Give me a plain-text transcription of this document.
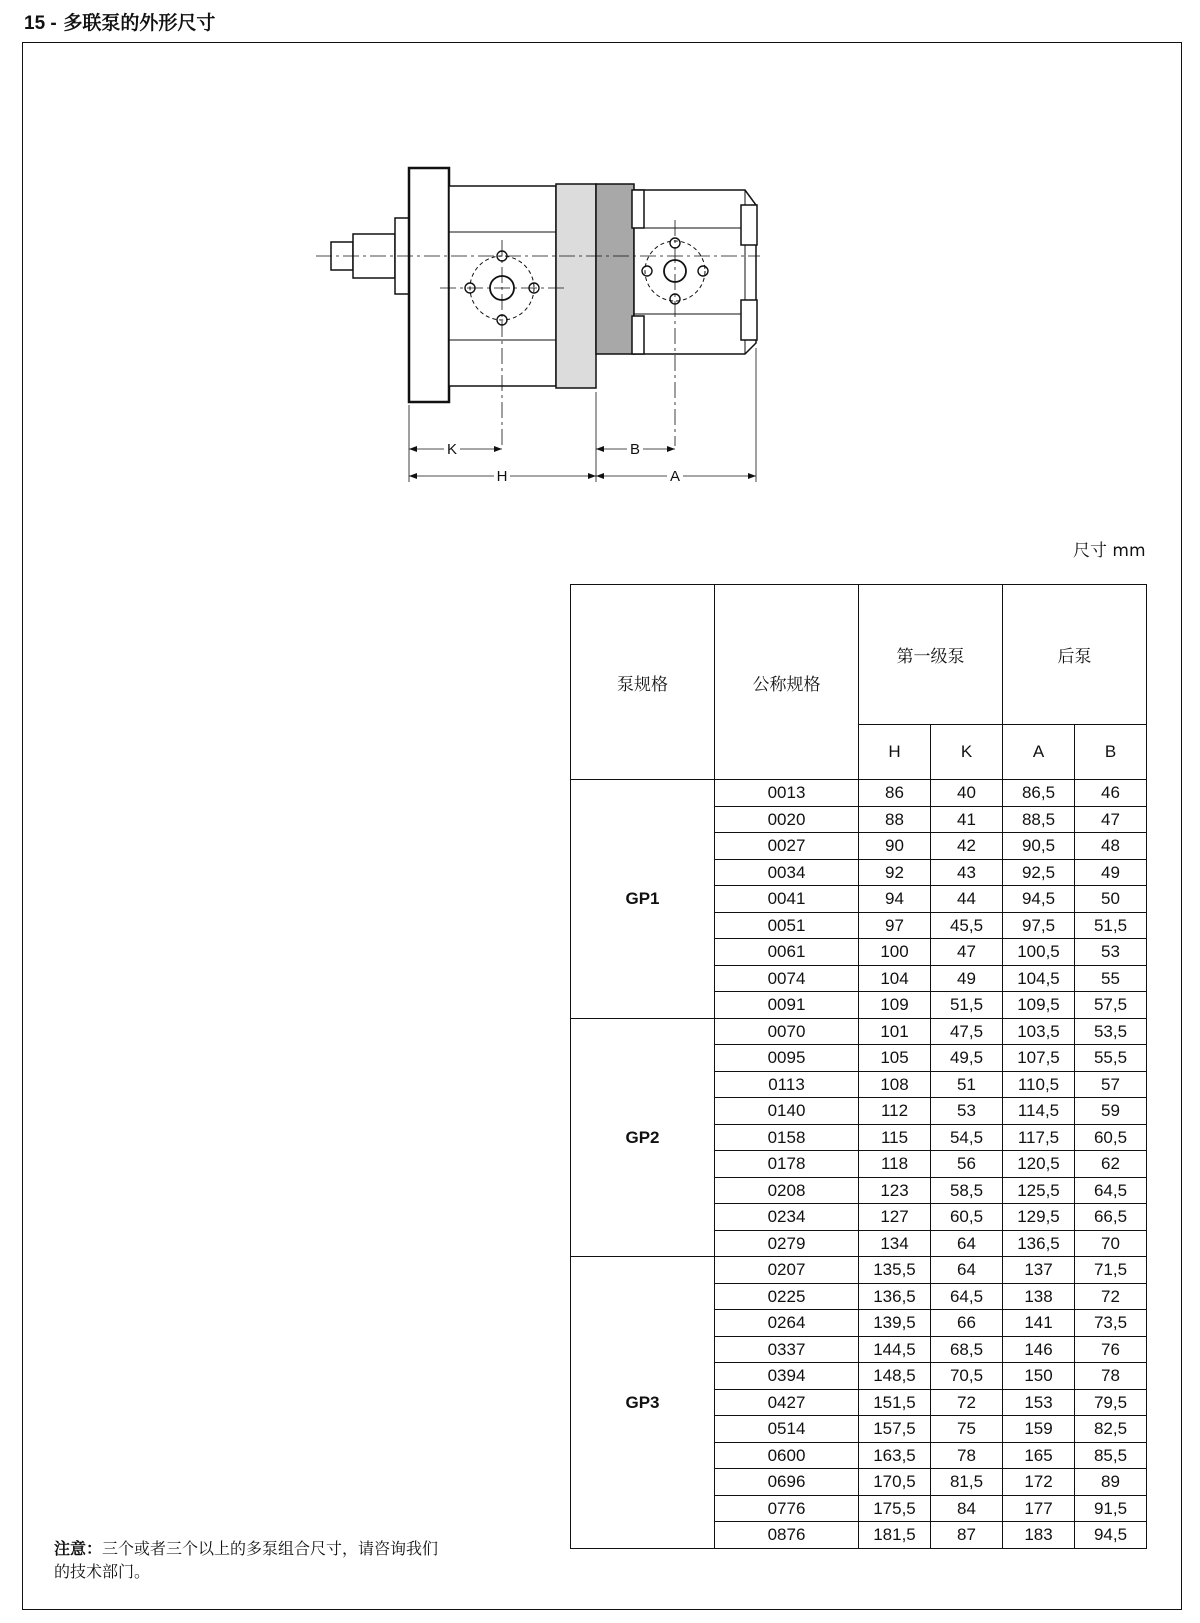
15 - 多联泵的外形尺寸
K	B
H	A
尺寸 mm
泵规格	公称规格	第一级泵		后泵	
		H	K	A	B
GP1	0013	86	40	86,5	46
	0020	88	41	88,5	47
	0027	90	42	90,5	48
	0034	92	43	92,5	49
	0041	94	44	94,5	50
	0051	97	45,5	97,5	51,5
	0061	100	47	100,5	53
	0074	104	49	104,5	55
	0091	109	51,5	109,5	57,5
GP2	0070	101	47,5	103,5	53,5
	0095	105	49,5	107,5	55,5
	0113	108	51	110,5	57
	0140	112	53	114,5	59
	0158	115	54,5	117,5	60,5
	0178	118	56	120,5	62
	0208	123	58,5	125,5	64,5
	0234	127	60,5	129,5	66,5
	0279	134	64	136,5	70
GP3	0207	135,5	64	137	71,5
	0225	136,5	64,5	138	72
	0264	139,5	66	141	73,5
	0337	144,5	68,5	146	76
	0394	148,5	70,5	150	78
	0427	151,5	72	153	79,5
	0514	157,5	75	159	82,5
	0600	163,5	78	165	85,5
	0696	170,5	81,5	172	89
	0776	175,5	84	177	91,5
	0876	181,5	87	183	94,5
注意：三个或者三个以上的多泵组合尺寸，请咨询我们的技术部门。
